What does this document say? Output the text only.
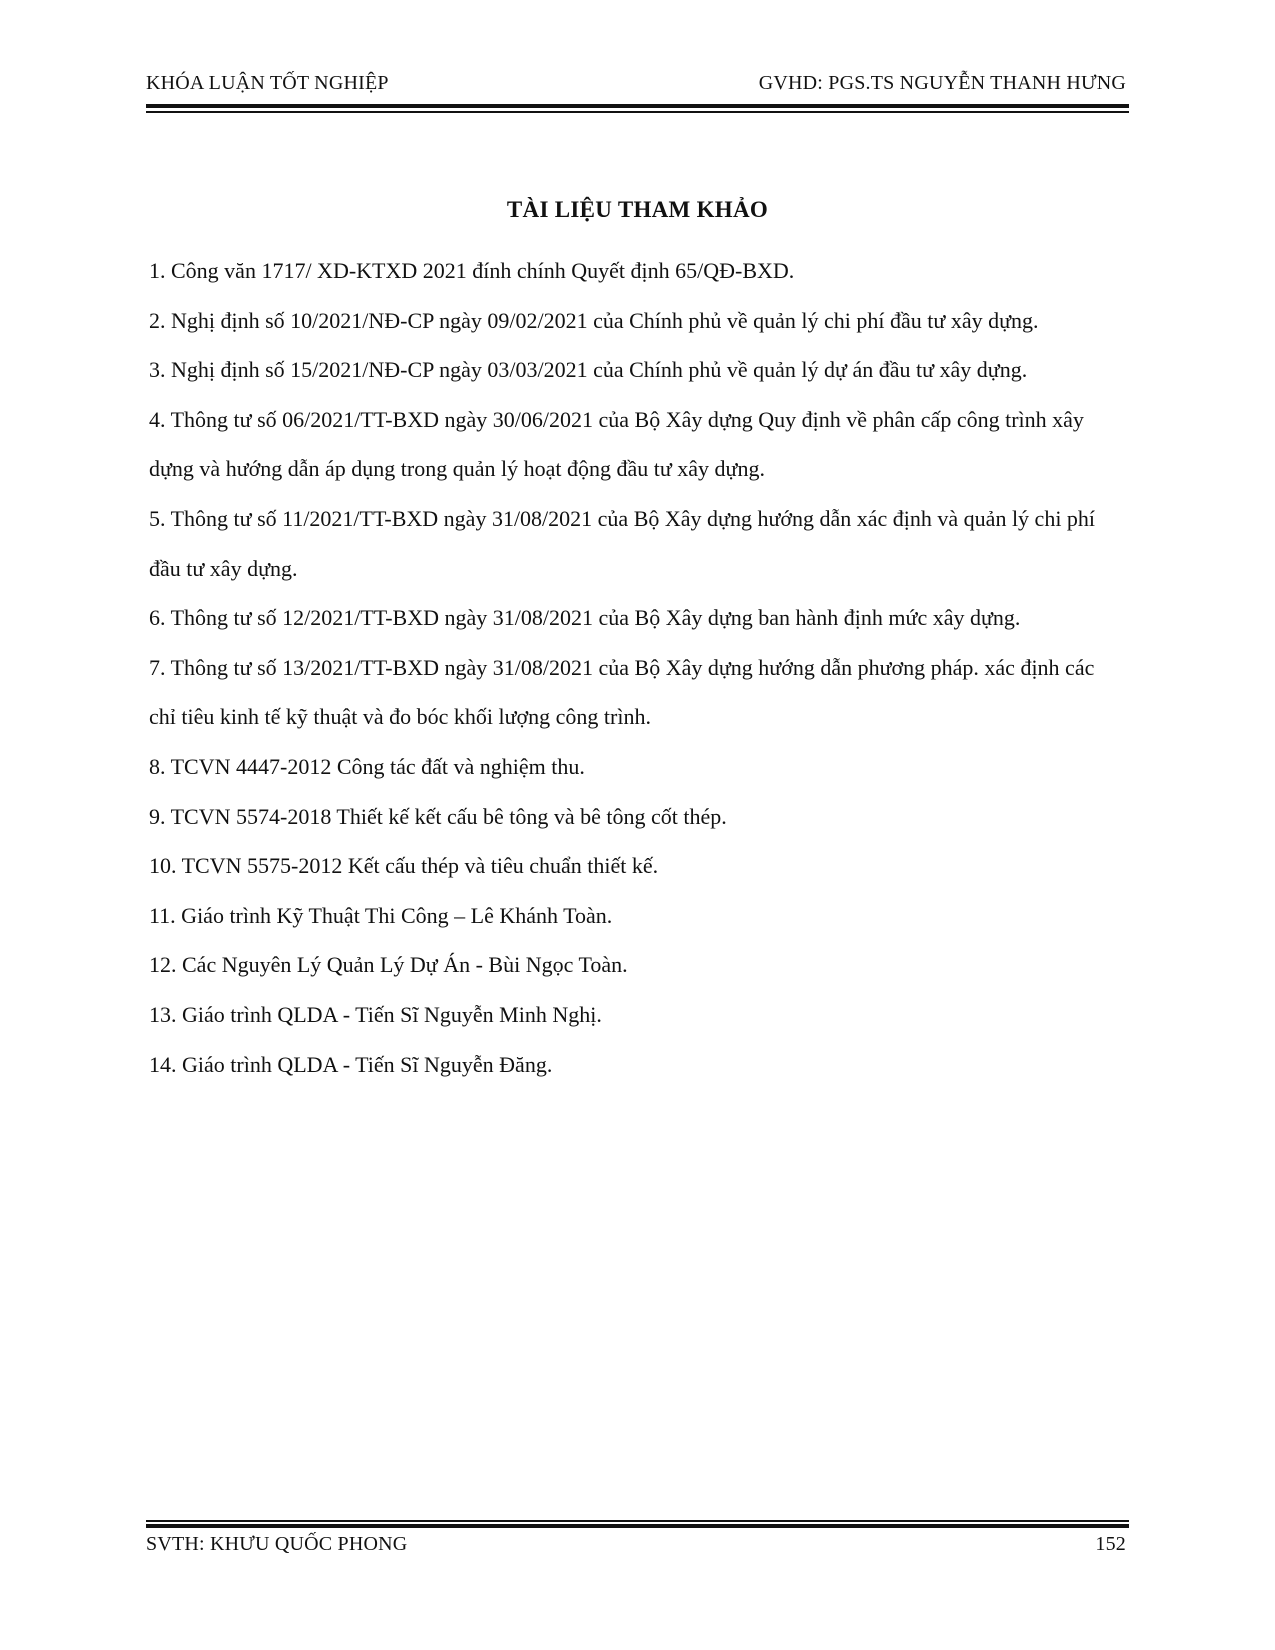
KHÓA LUẬN TỐT NGHIỆP	GVHD: PGS.TS NGUYỄN THANH HƯNG
TÀI LIỆU THAM KHẢO
1. Công văn 1717/ XD-KTXD 2021 đính chính Quyết định 65/QĐ-BXD.
2. Nghị định số 10/2021/NĐ-CP ngày 09/02/2021 của Chính phủ về quản lý chi phí đầu tư xây dựng.
3. Nghị định số 15/2021/NĐ-CP ngày 03/03/2021 của Chính phủ về quản lý dự án đầu tư xây dựng.
4. Thông tư số 06/2021/TT-BXD ngày 30/06/2021 của Bộ Xây dựng Quy định về phân cấp công trình xây dựng và hướng dẫn áp dụng trong quản lý hoạt động đầu tư xây dựng.
5. Thông tư số 11/2021/TT-BXD ngày 31/08/2021 của Bộ Xây dựng hướng dẫn xác định và quản lý chi phí đầu tư xây dựng.
6. Thông tư số 12/2021/TT-BXD ngày 31/08/2021 của Bộ Xây dựng ban hành định mức xây dựng.
7. Thông tư số 13/2021/TT-BXD ngày 31/08/2021 của Bộ Xây dựng hướng dẫn phương pháp. xác định các chỉ tiêu kinh tế kỹ thuật và đo bóc khối lượng công trình.
8. TCVN 4447-2012 Công tác đất và nghiệm thu.
9. TCVN 5574-2018 Thiết kế kết cấu bê tông và bê tông cốt thép.
10. TCVN 5575-2012 Kết cấu thép và tiêu chuẩn thiết kế.
11. Giáo trình Kỹ Thuật Thi Công – Lê Khánh Toàn.
12. Các Nguyên Lý Quản Lý Dự Án - Bùi Ngọc Toàn.
13. Giáo trình QLDA - Tiến Sĩ Nguyễn Minh Nghị.
14. Giáo trình QLDA - Tiến Sĩ Nguyễn Đăng.
SVTH: KHƯU QUỐC PHONG	152
